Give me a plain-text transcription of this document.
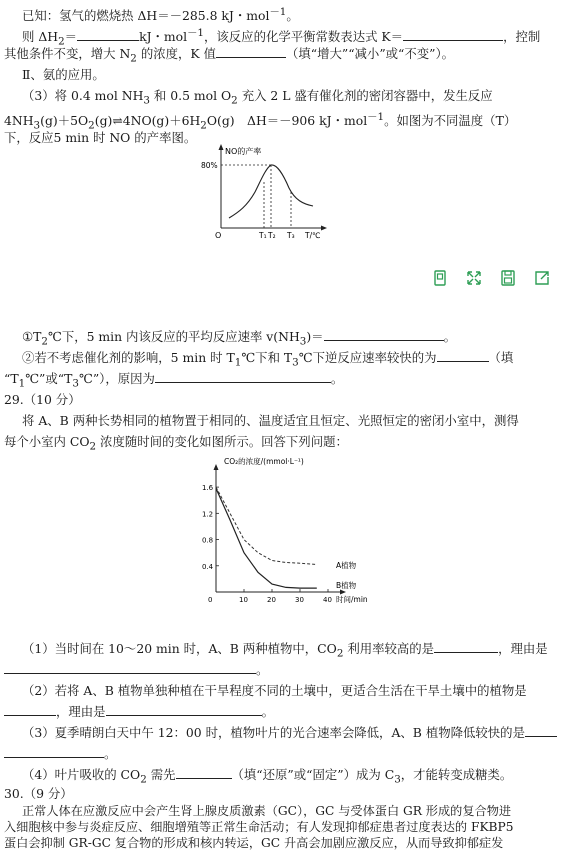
已知：氢气的燃烧热 ΔH＝－285.8 kJ・mol$^{-1}$。
则 $\Delta H_2=$	kJ・mol$^{-1}$，该反应的化学平衡常数表达式 K＝	，控制
其他条件不变，增大 $N_2$ 的浓度，K 值	（填“增大”“减小”或“不变”）。
Ⅱ、氨的应用。
（3）将 0.4 mol $NH_3$ 和 0.5 mol $O_2$ 充入 2 L 盛有催化剂的密闭容器中，发生反应
$4NH_3(g)+5O_2(g)\rightleftharpoons 4NO(g)+6H_2O(g)$　ΔH＝－906 kJ・mol$^{-1}$。如图为不同温度（T）
下，反应5 min 时 NO 的产率图。
NO的产率
80%
O	T₁ T₂ T₃ T/℃
$①T_2℃$下，5 min 内该反应的平均反应速率 $v(NH_3)=$	。
②若不考虑催化剂的影响，5 min 时 $T_1℃$下和 $T_3℃$下逆反应速率较快的为	（填
“$T_1℃$”或“$T_3℃$”），原因为	。
29.（10 分）
将 A、B 两种长势相同的植物置于相同的、温度适宜且恒定、光照恒定的密闭小室中，测得
每个小室内 $CO_2$ 浓度随时间的变化如图所示。回答下列问题：
0.4
0.8
1.2
1.6
0	10	20	30	40
CO₂的浓度/(mmol·L⁻¹)
时间/min
A植物
B植物
（1）当时间在 10～20 min 时，A、B 两种植物中，$CO_2$ 利用率较高的是	，理由是
。
（2）若将 A、B 植物单独种植在干旱程度不同的土壤中，更适合生活在干旱土壤中的植物是
，理由是	。
（3）夏季晴朗白天中午 12：00 时，植物叶片的光合速率会降低，A、B 植物降低较快的是
。
（4）叶片吸收的 $CO_2$ 需先	（填“还原”或“固定”）成为 $C_3$，才能转变成糖类。
30.（9 分）
正常人体在应激反应中会产生肾上腺皮质激素（GC），GC 与受体蛋白 GR 形成的复合物进
入细胞核中参与炎症反应、细胞增殖等正常生命活动；有人发现抑郁症患者过度表达的 FKBP5
蛋白会抑制 GR-GC 复合物的形成和核内转运，GC 升高会加剧应激反应，从而导致抑郁症发
